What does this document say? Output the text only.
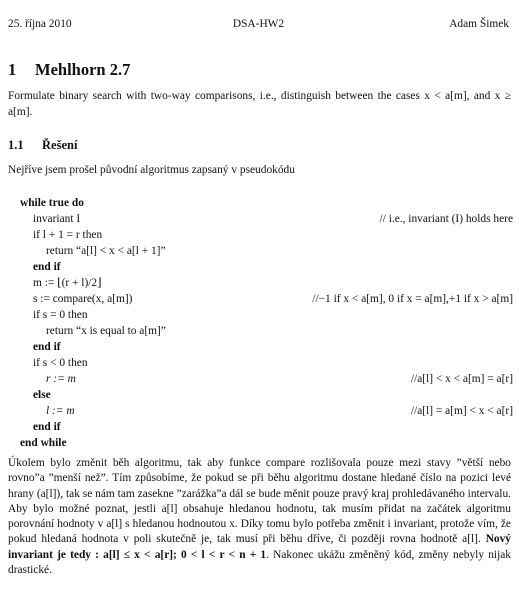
25. října 2010	DSA-HW2	Adam Šimek
1 Mehlhorn 2.7
Formulate binary search with two-way comparisons, i.e., distinguish between the cases x < a[m], and x ≥ a[m].
1.1 Řešení
Nejříve jsem prošel původní algoritmus zapsaný v pseudokódu
while true do
invariant I	// i.e., invariant (I) holds here
if l + 1 = r then
return “a[l] < x < a[l + 1]”
end if
m := ⌊(r + l)/2⌋
s := compare(x, a[m])	//−1 if x < a[m], 0 if x = a[m],+1 if x > a[m]
if s = 0 then
return “x is equal to a[m]”
end if
if s < 0 then
r := m	//a[l] < x < a[m] = a[r]
else
l := m	//a[l] = a[m] < x < a[r]
end if
end while
Úkolem bylo změnit běh algoritmu, tak aby funkce compare rozlišovala pouze mezi stavy ”větší nebo rovno”a ”menší než”. Tím způsobíme, že pokud se při běhu algoritmu dostane hledané číslo na pozici levé hrany (a[l]), tak se nám tam zasekne ”zarážka”a dál se bude měnit pouze pravý kraj prohledávaného intervalu. Aby bylo možné poznat, jestli a[l] obsahuje hledanou hodnotu, tak musím přidat na začátek algoritmu porovnání hodnoty v a[l] s hledanou hodnoutou x. Díky tomu bylo potřeba změnit i invariant, protože vím, že pokud hledaná hodnota v poli skutečně je, tak musí při běhu dříve, či později rovna hodnotě a[l]. Nový invariant je tedy : a[l] ≤ x < a[r]; 0 < l < r < n + 1. Nakonec ukážu změněný kód, změny nebyly nijak drastické.
